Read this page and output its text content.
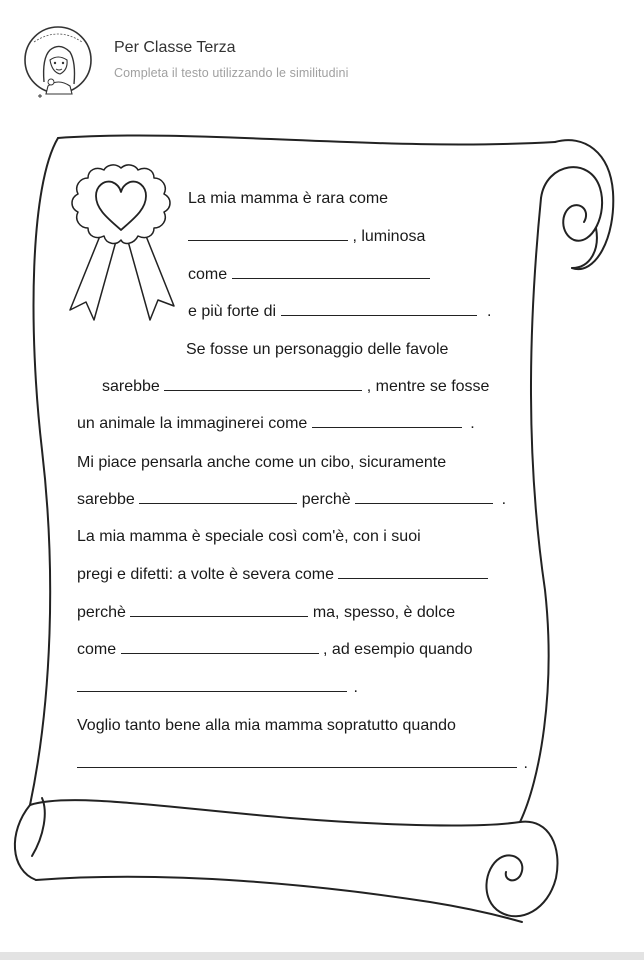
Per Classe Terza
Completa il testo utilizzando le similitudini
La mia mamma è rara come
, luminosa
come
e più forte di	.
Se fosse un personaggio delle favole
sarebbe	, mentre se fosse
un animale la immaginerei come	.
Mi piace pensarla anche come un cibo, sicuramente
sarebbe	perchè	.
La mia mamma è speciale così com'è, con i suoi
pregi e difetti: a volte è severa come
perchè	ma, spesso, è dolce
come	, ad esempio quando
.
Voglio tanto bene alla mia mamma sopratutto quando
.
